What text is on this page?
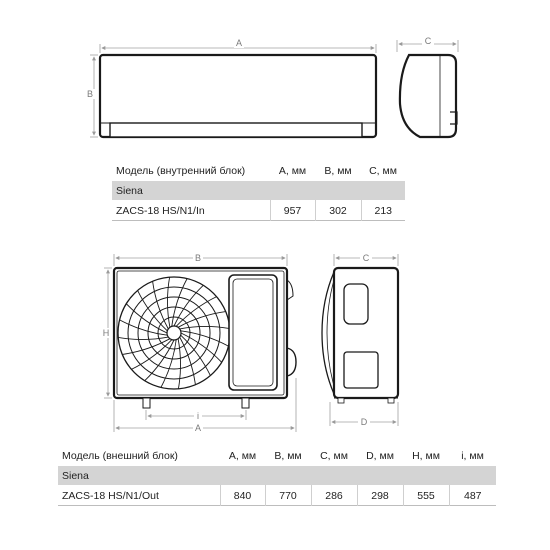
A
B
C
B
H
i
A
C
D
Модель (внутренний блок)	A, мм	B, мм	C, мм
Siena			
ZACS-18 HS/N1/In	957	302	213
Модель (внешний блок)	A, мм	B, мм	C, мм	D, мм	H, мм	i, мм
Siena						
ZACS-18 HS/N1/Out	840	770	286	298	555	487
